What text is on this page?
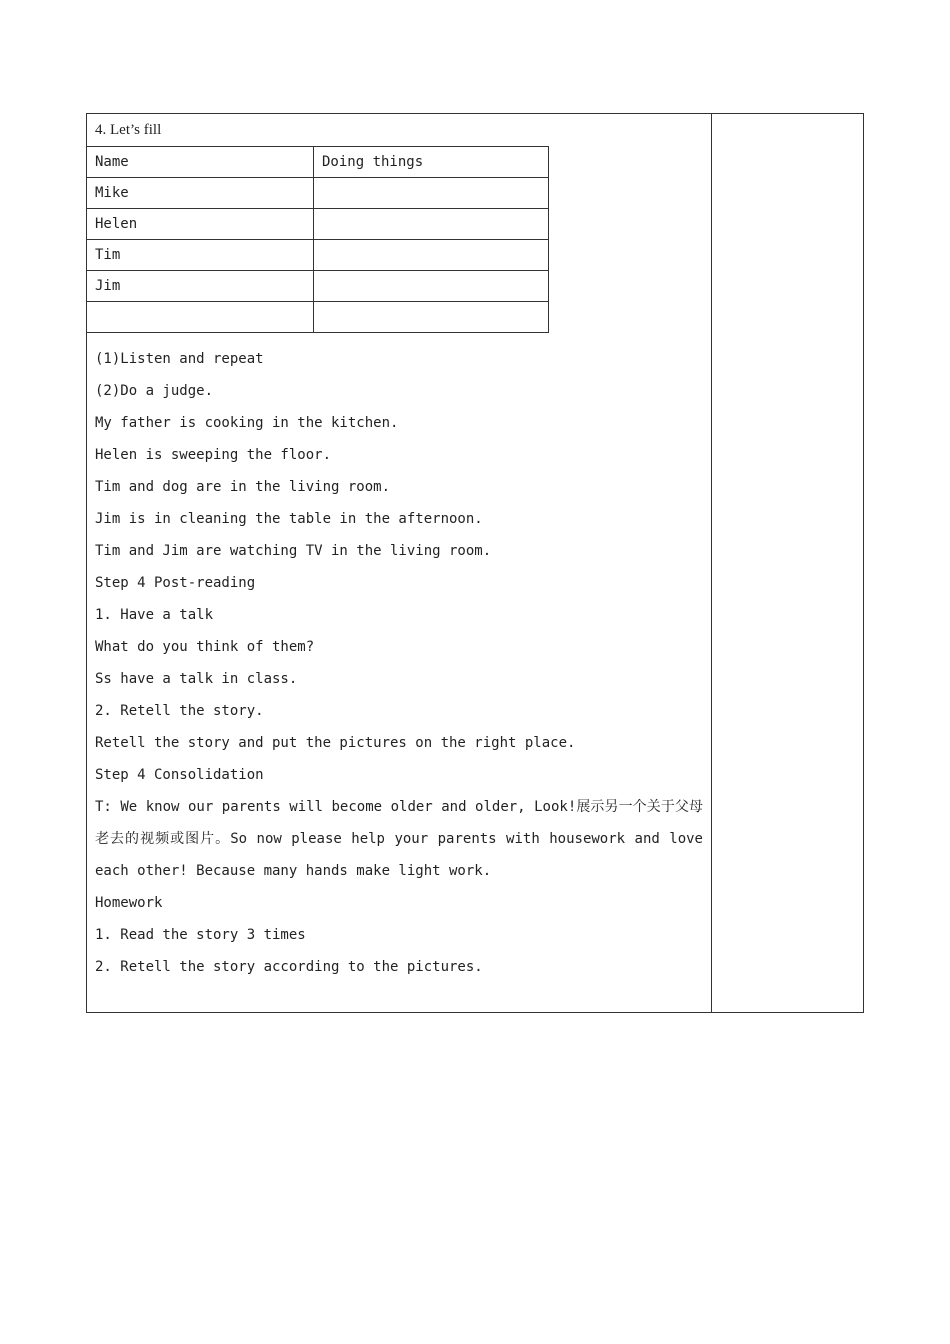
4. Let’s fill
Name	Doing things
Mike	
Helen	
Tim	
Jim	

(1)Listen and repeat
(2)Do a judge.
My father is cooking in the kitchen.
Helen is sweeping the floor.
Tim and dog are in the living room.
Jim is in cleaning the table in the afternoon.
Tim and Jim are watching TV in the living room.
Step 4 Post-reading
1. Have a talk
What do you think of them?
Ss have a talk in class.
2. Retell the story.
Retell the story and put the pictures on the right place.
Step 4 Consolidation
T: We know our parents will become older and older, Look!展示另一个关于父母老去的视频或图片。So now please help your parents with housework and love each other! Because many hands make light work.
Homework
1. Read the story 3 times
2. Retell the story according to the pictures.
